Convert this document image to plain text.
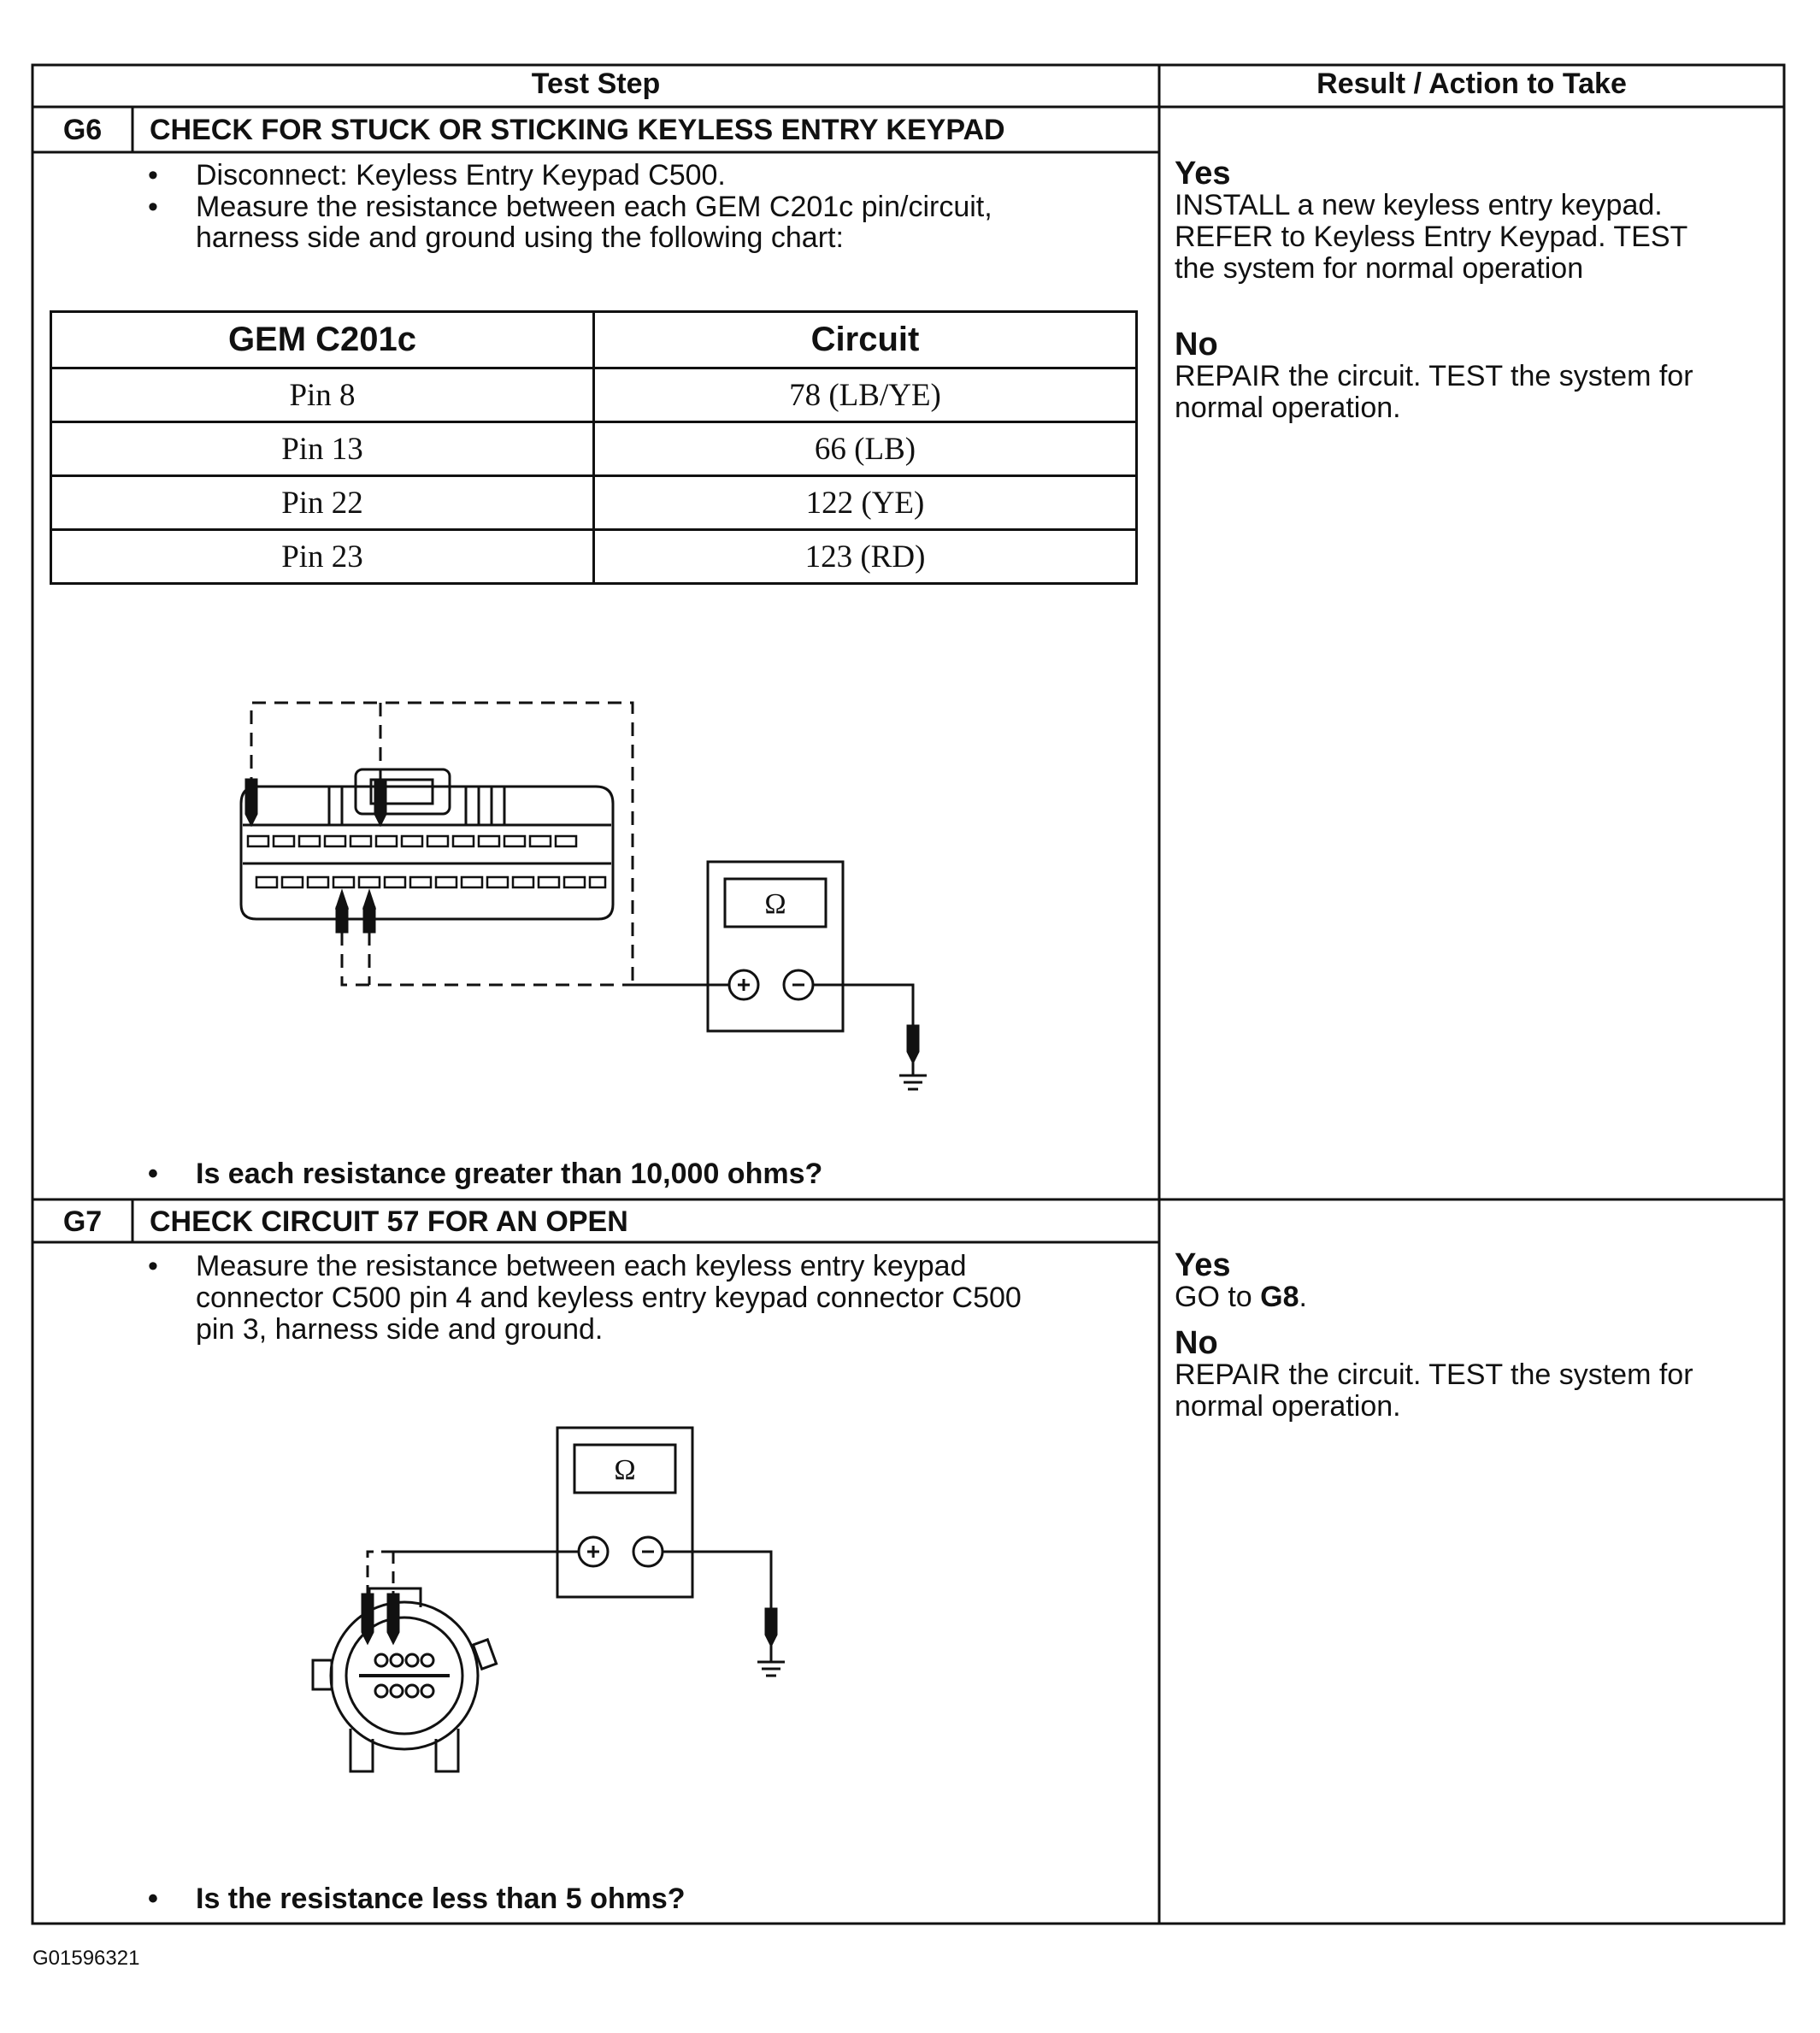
Test Step	Result / Action to Take
G6	CHECK FOR STUCK OR STICKING KEYLESS ENTRY KEYPAD
• Disconnect: Keyless Entry Keypad C500.
• Measure the resistance between each GEM C201c pin/circuit,
harness side and ground using the following chart:
GEM C201c	Circuit
Pin 8	78 (LB/YE)
Pin 13	66 (LB)
Pin 22	122 (YE)
Pin 23	123 (RD)
Ω
• Is each resistance greater than 10,000 ohms?
Yes
INSTALL a new keyless entry keypad.
REFER to Keyless Entry Keypad. TEST
the system for normal operation
No
REPAIR the circuit. TEST the system for
normal operation.
G7	CHECK CIRCUIT 57 FOR AN OPEN
• Measure the resistance between each keyless entry keypad
connector C500 pin 4 and keyless entry keypad connector C500
pin 3, harness side and ground.
Ω
• Is the resistance less than 5 ohms?
Yes
GO to G8.
No
REPAIR the circuit. TEST the system for
normal operation.
G01596321
